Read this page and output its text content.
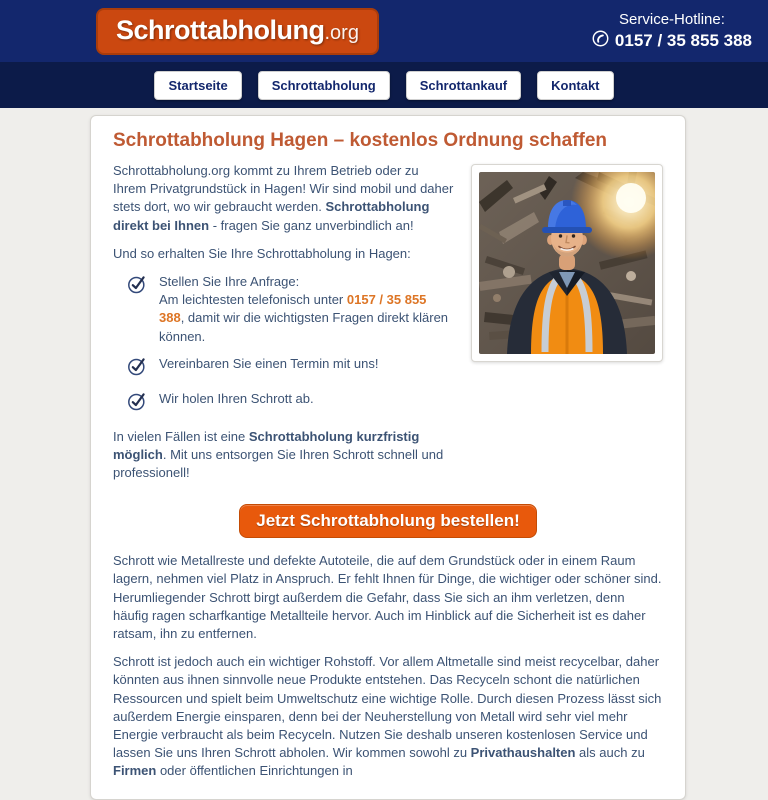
Schrottabholung.org
Service-Hotline:
0157 / 35 855 388
Startseite	Schrottabholung	Schrottankauf	Kontakt
Schrottabholung Hagen – kostenlos Ordnung schaffen

Schrottabholung.org kommt zu Ihrem Betrieb oder zu Ihrem Privatgrundstück in Hagen! Wir sind mobil und daher stets dort, wo wir gebraucht werden. Schrottabholung direkt bei Ihnen - fragen Sie ganz unverbindlich an!

Und so erhalten Sie Ihre Schrottabholung in Hagen:

Stellen Sie Ihre Anfrage:
Am leichtesten telefonisch unter 0157 / 35 855 388, damit wir die wichtigsten Fragen direkt klären können.
Vereinbaren Sie einen Termin mit uns!
Wir holen Ihren Schrott ab.

In vielen Fällen ist eine Schrottabholung kurzfristig möglich. Mit uns entsorgen Sie Ihren Schrott schnell und professionell!

Jetzt Schrottabholung bestellen!

Schrott wie Metallreste und defekte Autoteile, die auf dem Grundstück oder in einem Raum lagern, nehmen viel Platz in Anspruch. Er fehlt Ihnen für Dinge, die wichtiger oder schöner sind. Herumliegender Schrott birgt außerdem die Gefahr, dass Sie sich an ihm verletzen, denn häufig ragen scharfkantige Metallteile hervor. Auch im Hinblick auf die Sicherheit ist es daher ratsam, ihn zu entfernen.

Schrott ist jedoch auch ein wichtiger Rohstoff. Vor allem Altmetalle sind meist recycelbar, daher könnten aus ihnen sinnvolle neue Produkte entstehen. Das Recyceln schont die natürlichen Ressourcen und spielt beim Umweltschutz eine wichtige Rolle. Durch diesen Prozess lässt sich außerdem Energie einsparen, denn bei der Neuherstellung von Metall wird sehr viel mehr Energie verbraucht als beim Recyceln. Nutzen Sie deshalb unseren kostenlosen Service und lassen Sie uns Ihren Schrott abholen. Wir kommen sowohl zu Privathaushalten als auch zu Firmen oder öffentlichen Einrichtungen in
